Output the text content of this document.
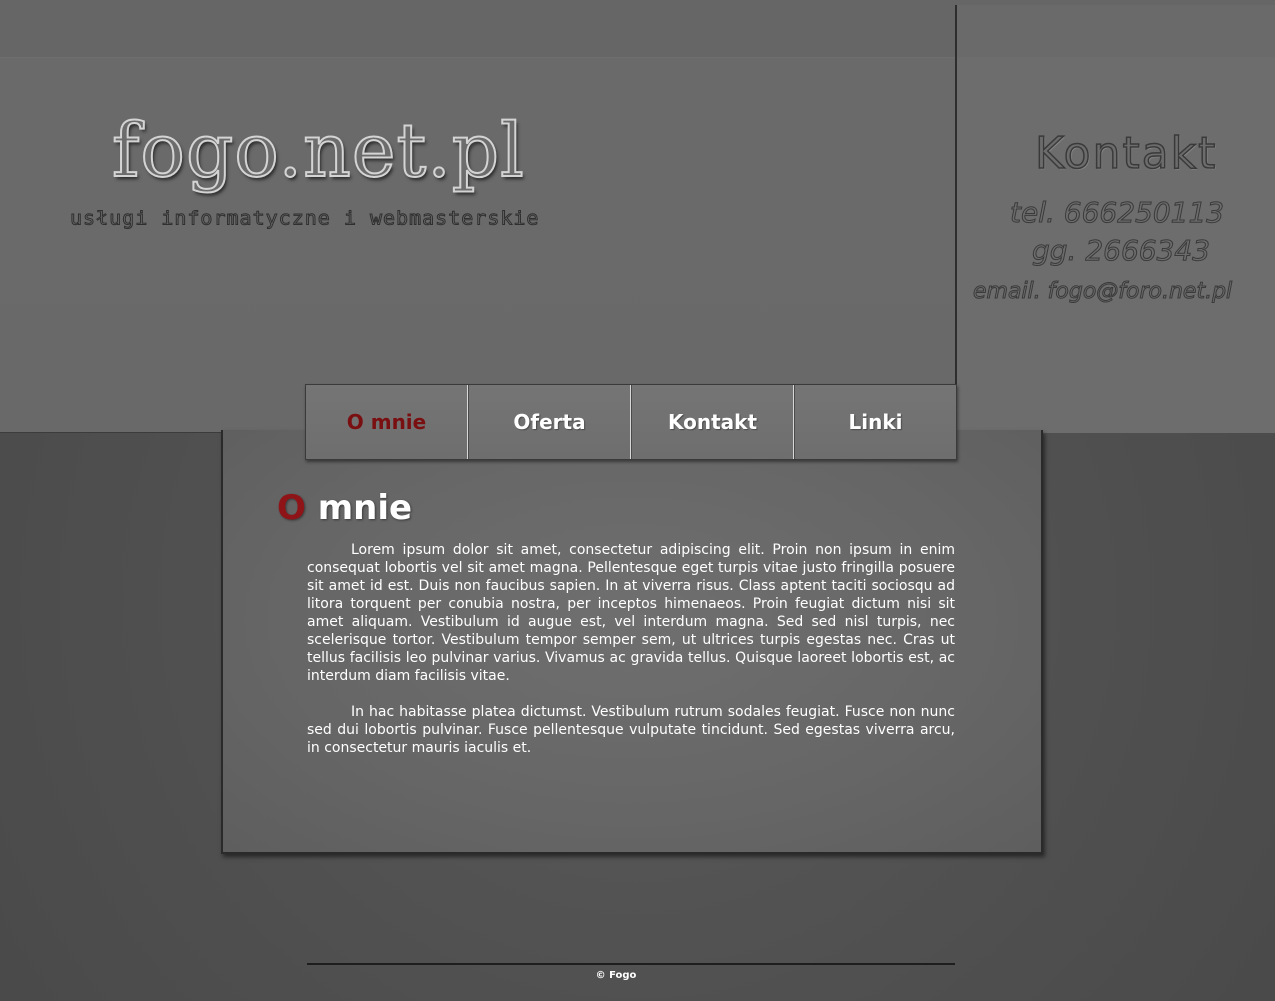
fogo.net.pl
usługi informatyczne i webmasterskie
Kontakt
tel. 666250113
gg. 2666343
email. fogo@foro.net.pl
O mnie	Oferta	Kontakt	Linki
O mnie

Lorem ipsum dolor sit amet, consectetur adipiscing elit. Proin non ipsum in enim consequat lobortis vel sit amet magna. Pellentesque eget turpis vitae justo fringilla posuere sit amet id est. Duis non faucibus sapien. In at viverra risus. Class aptent taciti sociosqu ad litora torquent per conubia nostra, per inceptos himenaeos. Proin feugiat dictum nisi sit amet aliquam. Vestibulum id augue est, vel interdum magna. Sed sed nisl turpis, nec scelerisque tortor. Vestibulum tempor semper sem, ut ultrices turpis egestas nec. Cras ut tellus facilisis leo pulvinar varius. Vivamus ac gravida tellus. Quisque laoreet lobortis est, ac interdum diam facilisis vitae.

In hac habitasse platea dictumst. Vestibulum rutrum sodales feugiat. Fusce non nunc sed dui lobortis pulvinar. Fusce pellentesque vulputate tincidunt. Sed egestas viverra arcu, in consectetur mauris iaculis et.

© Fogo
